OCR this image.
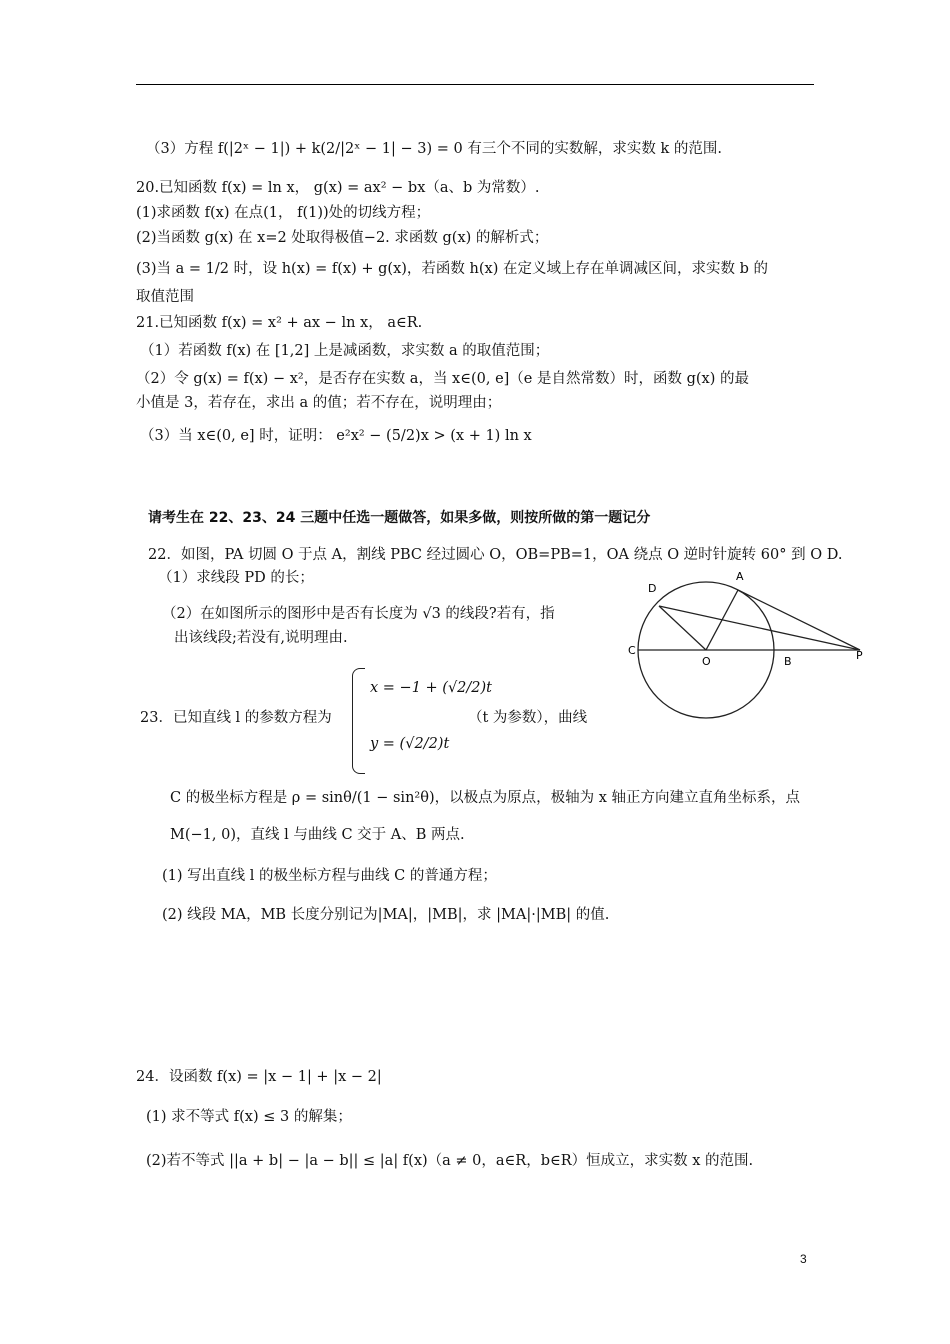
（3）方程 f(|2ˣ − 1|) + k(2/|2ˣ − 1| − 3) = 0 有三个不同的实数解，求实数 k 的范围.
20.已知函数 f(x) = ln x， g(x) = ax² − bx（a、b 为常数）.
(1)求函数 f(x) 在点(1， f(1))处的切线方程；
(2)当函数 g(x) 在 x=2 处取得极值−2. 求函数 g(x) 的解析式；
(3)当 a = 1/2 时，设 h(x) = f(x) + g(x)，若函数 h(x) 在定义域上存在单调减区间，求实数 b 的
取值范围
21.已知函数 f(x) = x² + ax − ln x， a∈R.
（1）若函数 f(x) 在 [1,2] 上是减函数，求实数 a 的取值范围；
（2）令 g(x) = f(x) − x²，是否存在实数 a，当 x∈(0, e]（e 是自然常数）时，函数 g(x) 的最
小值是 3，若存在，求出 a 的值；若不存在，说明理由；
（3）当 x∈(0, e] 时，证明： e²x² − (5/2)x > (x + 1) ln x
请考生在 22、23、24 三题中任选一题做答，如果多做，则按所做的第一题记分
22．如图，PA 切圆 O 于点 A，割线 PBC 经过圆心 O，OB=PB=1，OA 绕点 O 逆时针旋转 60° 到 O D.
（1）求线段 PD 的长；
（2）在如图所示的图形中是否有长度为 √3 的线段?若有，指
出该线段;若没有,说明理由.
D
A
C
O	B	P
23．已知直线 l 的参数方程为
x = −1 + (√2/2)t
y = (√2/2)t
（t 为参数），曲线
C 的极坐标方程是 ρ = sinθ/(1 − sin²θ)，以极点为原点，极轴为 x 轴正方向建立直角坐标系，点
M(−1, 0)，直线 l 与曲线 C 交于 A、B 两点.
(1) 写出直线 l 的极坐标方程与曲线 C 的普通方程；
(2) 线段 MA，MB 长度分别记为|MA|，|MB|，求 |MA|·|MB| 的值.
24．设函数 f(x) = |x − 1| + |x − 2|
(1) 求不等式 f(x) ≤ 3 的解集；
(2)若不等式 ||a + b| − |a − b|| ≤ |a| f(x)（a ≠ 0，a∈R，b∈R）恒成立，求实数 x 的范围.
3
